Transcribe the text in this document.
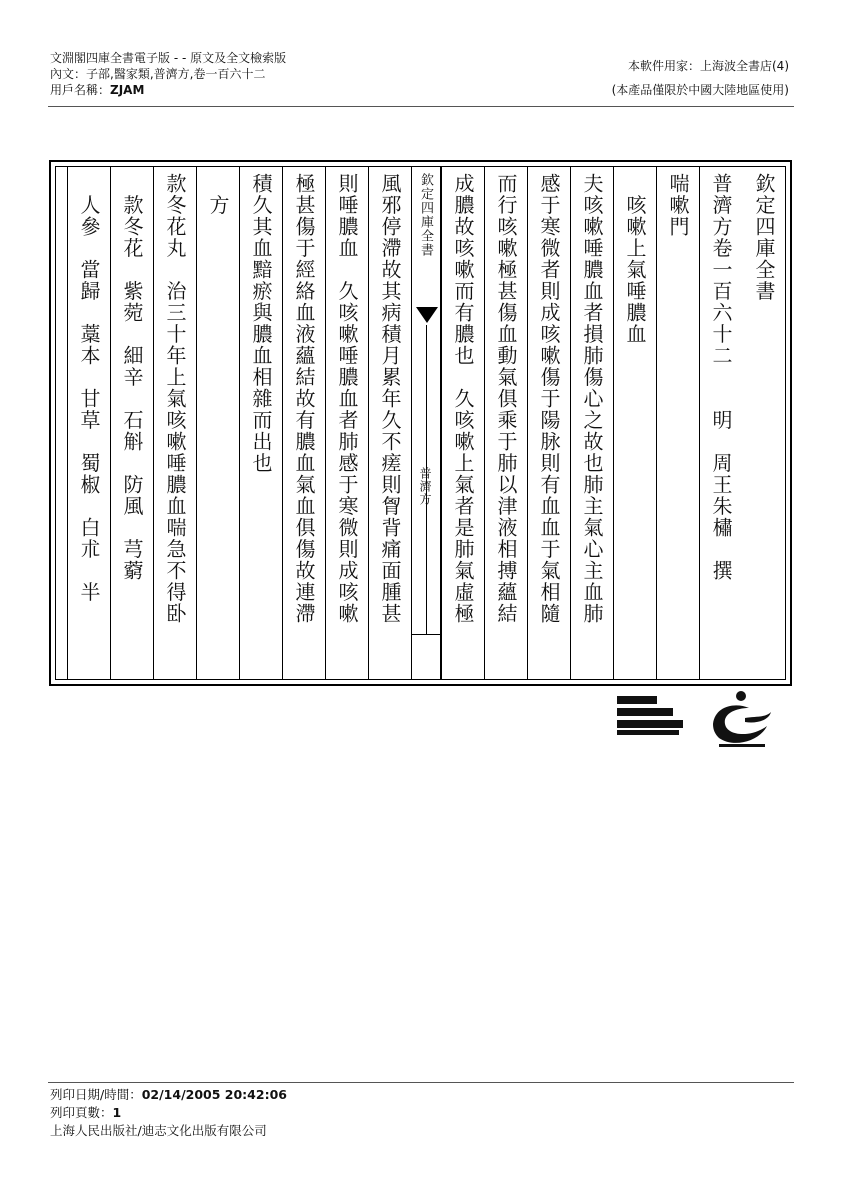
文淵閣四庫全書電子版 - - 原文及全文檢索版
內文：子部,醫家類,普濟方,卷一百六十二
用戶名稱：ZJAM
本軟件用家：上海波全書店(4)
(本產品僅限於中國大陸地區使用)
欽定四庫全書
普濟方卷一百六十二　　明　周王朱橚　撰
喘嗽門
　咳嗽上氣唾膿血
夫咳嗽唾膿血者損肺傷心之故也肺主氣心主血肺
感于寒微者則成咳嗽傷于陽脉則有血血于氣相隨
而行咳嗽極甚傷血動氣俱乘于肺以津液相搏蘊結
成膿故咳嗽而有膿也　久咳嗽上氣者是肺氣虛極
欽定四庫全書
普濟方
風邪停滯故其病積月累年久不瘥則胷背痛面腫甚
則唾膿血　久咳嗽唾膿血者肺感于寒微則成咳嗽
極甚傷于經絡血液蘊結故有膿血氣血俱傷故連滯
積久其血黯瘀與膿血相雜而出也
　方
款冬花丸　治三十年上氣咳嗽唾膿血喘急不得卧
　款冬花　紫菀　細辛　石斛　防風　芎藭
　人參　當歸　藁本　甘草　蜀椒　白朮　半
列印日期/時間：02/14/2005 20:42:06
列印頁數：1
上海人民出版社/迪志文化出版有限公司
